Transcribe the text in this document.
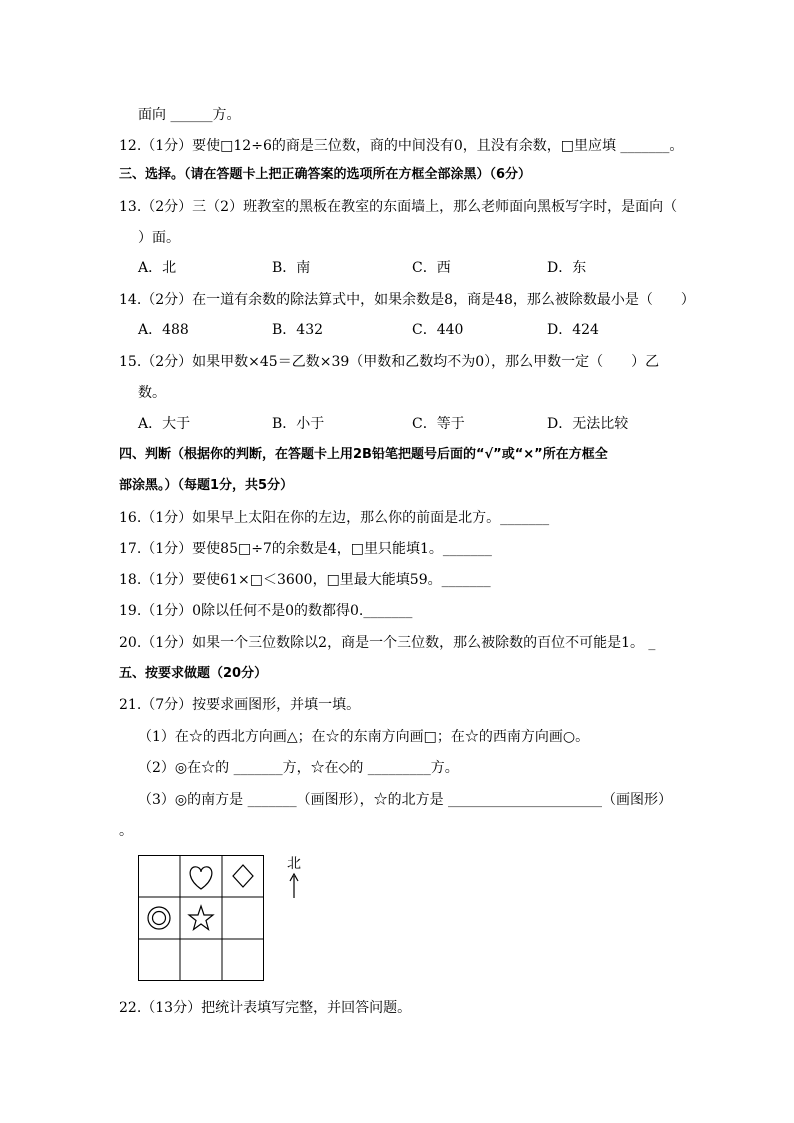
面向 ______方。
12.（1分）要使□12÷6的商是三位数，商的中间没有0，且没有余数，□里应填 _______。
三、选择。（请在答题卡上把正确答案的选项所在方框全部涂黑）（6分）
13.（2分）三（2）班教室的黑板在教室的东面墙上，那么老师面向黑板写字时，是面向（
）面。
A．北	B．南	C．西	D．东
14.（2分）在一道有余数的除法算式中，如果余数是8，商是48，那么被除数最小是（　　）
A．488	B．432	C．440	D．424
15.（2分）如果甲数×45＝乙数×39（甲数和乙数均不为0），那么甲数一定（　　）乙
数。
A．大于	B．小于	C．等于	D．无法比较
四、判断（根据你的判断，在答题卡上用2B铅笔把题号后面的“√”或“×”所在方框全
部涂黑。）（每题1分，共5分）
16.（1分）如果早上太阳在你的左边，那么你的前面是北方。_______
17.（1分）要使85□÷7的余数是4，□里只能填1。_______
18.（1分）要使61×□＜3600，□里最大能填59。_______
19.（1分）0除以任何不是0的数都得0._______
20.（1分）如果一个三位数除以2，商是一个三位数，那么被除数的百位不可能是1。 _
五、按要求做题（20分）
21.（7分）按要求画图形，并填一填。
（1）在☆的西北方向画△；在☆的东南方向画□；在☆的西南方向画○。
（2）◎在☆的 _______方，☆在◇的 _________方。
（3）◎的南方是 _______（画图形），☆的北方是 ______________________（画图形）
。
北
22.（13分）把统计表填写完整，并回答问题。
